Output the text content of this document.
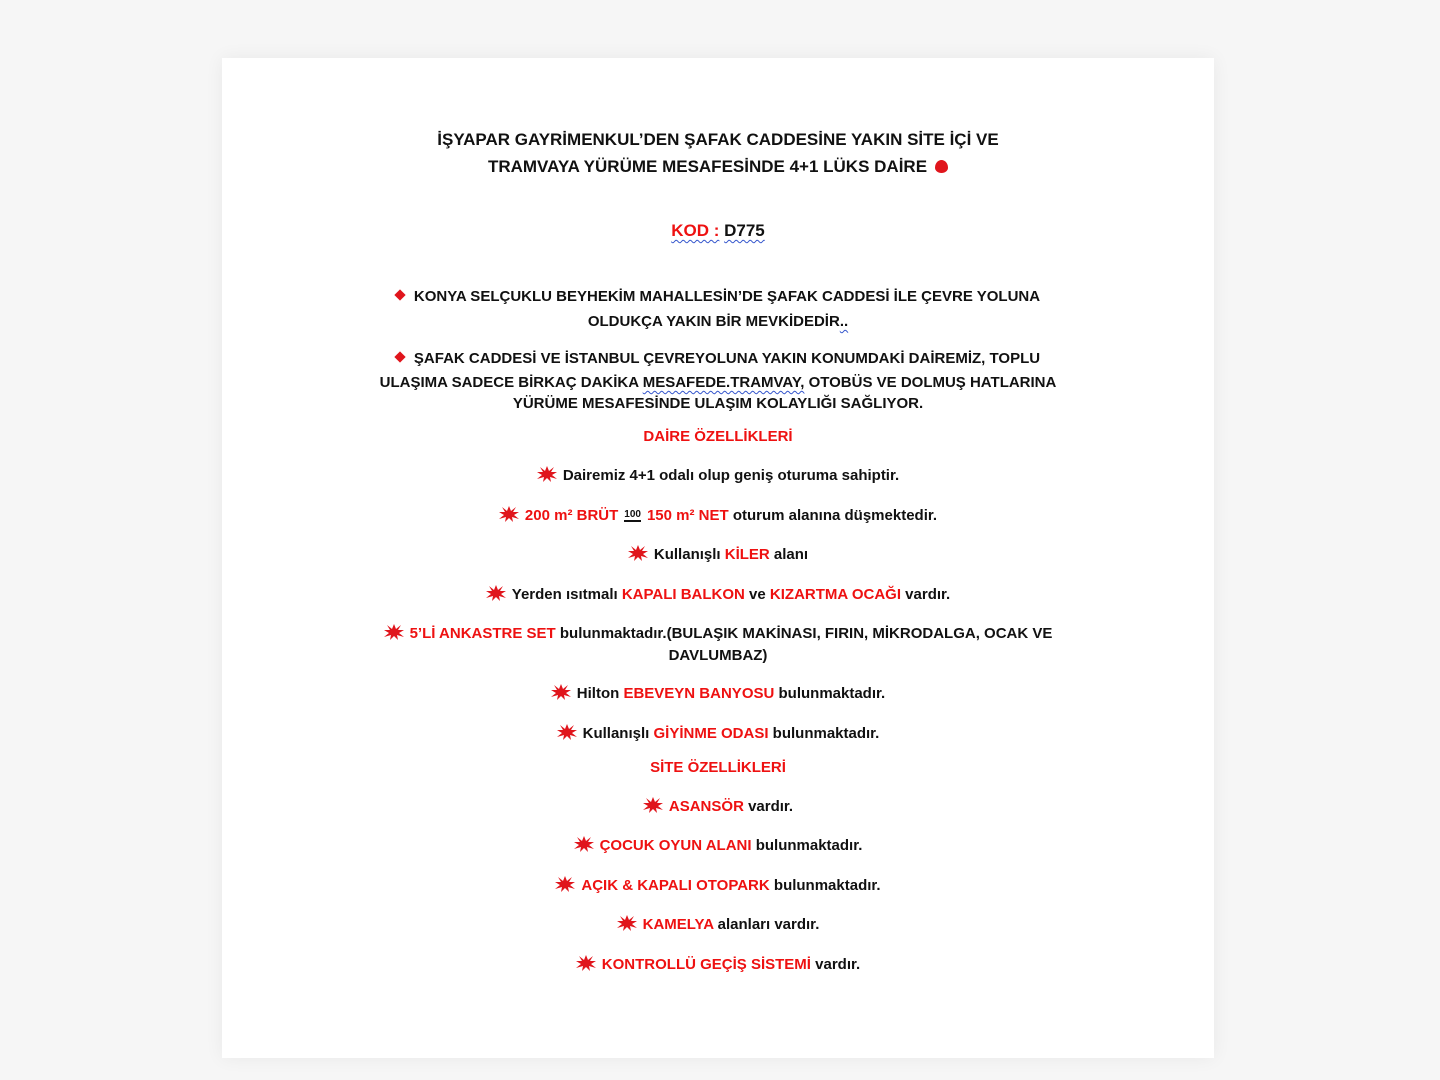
İŞYAPAR GAYRİMENKUL’DEN ŞAFAK CADDESİNE YAKIN SİTE İÇİ VE
TRAMVAYA YÜRÜME MESAFESİNDE 4+1 LÜKS DAİRE
KOD : D775
KONYA SELÇUKLU BEYHEKİM MAHALLESİN’DE ŞAFAK CADDESİ İLE ÇEVRE YOLUNA
OLDUKÇA YAKIN BİR MEVKİDEDİR..
ŞAFAK CADDESİ VE İSTANBUL ÇEVREYOLUNA YAKIN KONUMDAKİ DAİREMİZ, TOPLU
ULAŞIMA SADECE BİRKAÇ DAKİKA MESAFEDE.TRAMVAY, OTOBÜS VE DOLMUŞ HATLARINA
YÜRÜME MESAFESİNDE ULAŞIM KOLAYLIĞI SAĞLIYOR.
DAİRE ÖZELLİKLERİ
Dairemiz 4+1 odalı olup geniş oturuma sahiptir.
200 m² BRÜT 100 150 m² NET oturum alanına düşmektedir.
Kullanışlı KİLER alanı
Yerden ısıtmalı KAPALI BALKON ve KIZARTMA OCAĞI vardır.
5’Lİ ANKASTRE SET bulunmaktadır.(BULAŞIK MAKİNASI, FIRIN, MİKRODALGA, OCAK VE
DAVLUMBAZ)
Hilton EBEVEYN BANYOSU bulunmaktadır.
Kullanışlı GİYİNME ODASI bulunmaktadır.
SİTE ÖZELLİKLERİ
ASANSÖR vardır.
ÇOCUK OYUN ALANI bulunmaktadır.
AÇIK & KAPALI OTOPARK bulunmaktadır.
KAMELYA alanları vardır.
KONTROLLÜ GEÇİŞ SİSTEMİ vardır.
